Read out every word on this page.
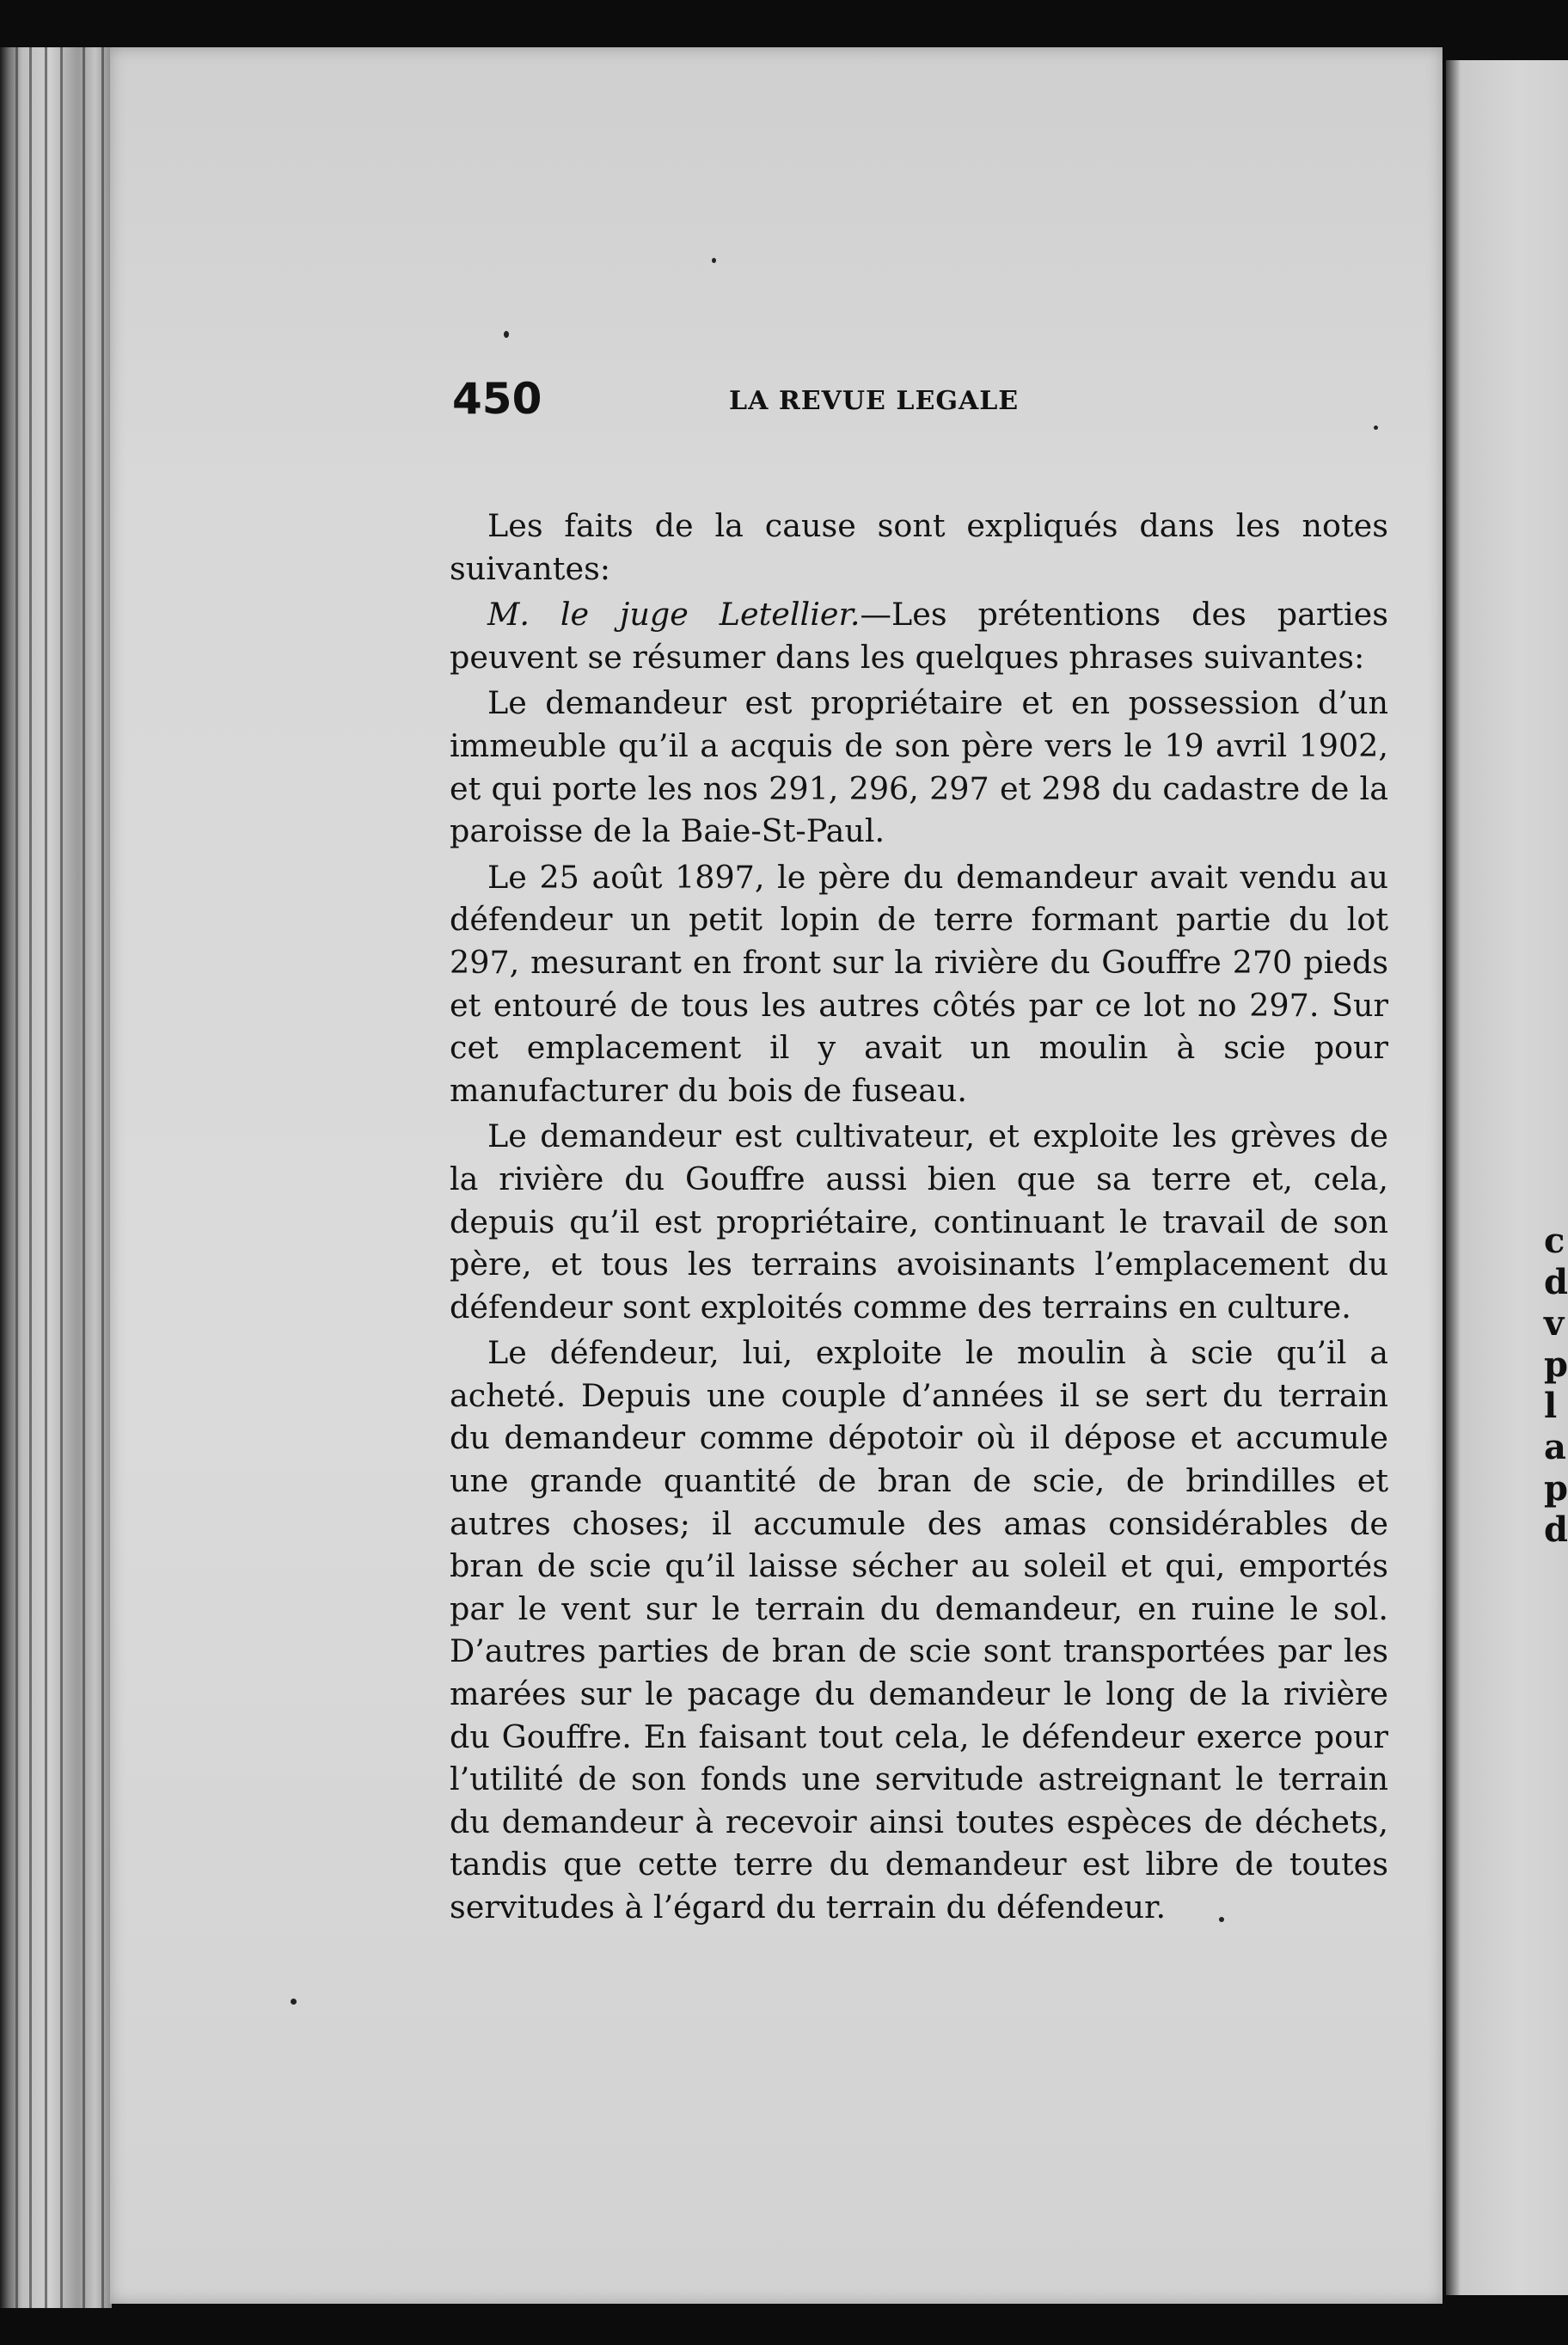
c
d
v
p
l
a
p
d
450	LA REVUE LEGALE

Les faits de la cause sont expliqués dans les notes suivantes:

M. le juge Letellier.—Les prétentions des parties peuvent se résumer dans les quelques phrases suivantes:

Le demandeur est propriétaire et en possession d’un immeuble qu’il a acquis de son père vers le 19 avril 1902, et qui porte les nos 291, 296, 297 et 298 du cadastre de la paroisse de la Baie-St-Paul.

Le 25 août 1897, le père du demandeur avait vendu au défendeur un petit lopin de terre formant partie du lot 297, mesurant en front sur la rivière du Gouffre 270 pieds et entouré de tous les autres côtés par ce lot no 297. Sur cet emplacement il y avait un moulin à scie pour manufacturer du bois de fuseau.

Le demandeur est cultivateur, et exploite les grèves de la rivière du Gouffre aussi bien que sa terre et, cela, depuis qu’il est propriétaire, continuant le travail de son père, et tous les terrains avoisinants l’emplacement du défendeur sont exploités comme des terrains en culture.

Le défendeur, lui, exploite le moulin à scie qu’il a acheté. Depuis une couple d’années il se sert du terrain du demandeur comme dépotoir où il dépose et accumule une grande quantité de bran de scie, de brindilles et autres choses; il accumule des amas considérables de bran de scie qu’il laisse sécher au soleil et qui, emportés par le vent sur le terrain du demandeur, en ruine le sol. D’autres parties de bran de scie sont transportées par les marées sur le pacage du demandeur le long de la rivière du Gouffre. En faisant tout cela, le défendeur exerce pour l’utilité de son fonds une servitude astreignant le terrain du demandeur à recevoir ainsi toutes espèces de déchets, tandis que cette terre du demandeur est libre de toutes servitudes à l’égard du terrain du défendeur.
